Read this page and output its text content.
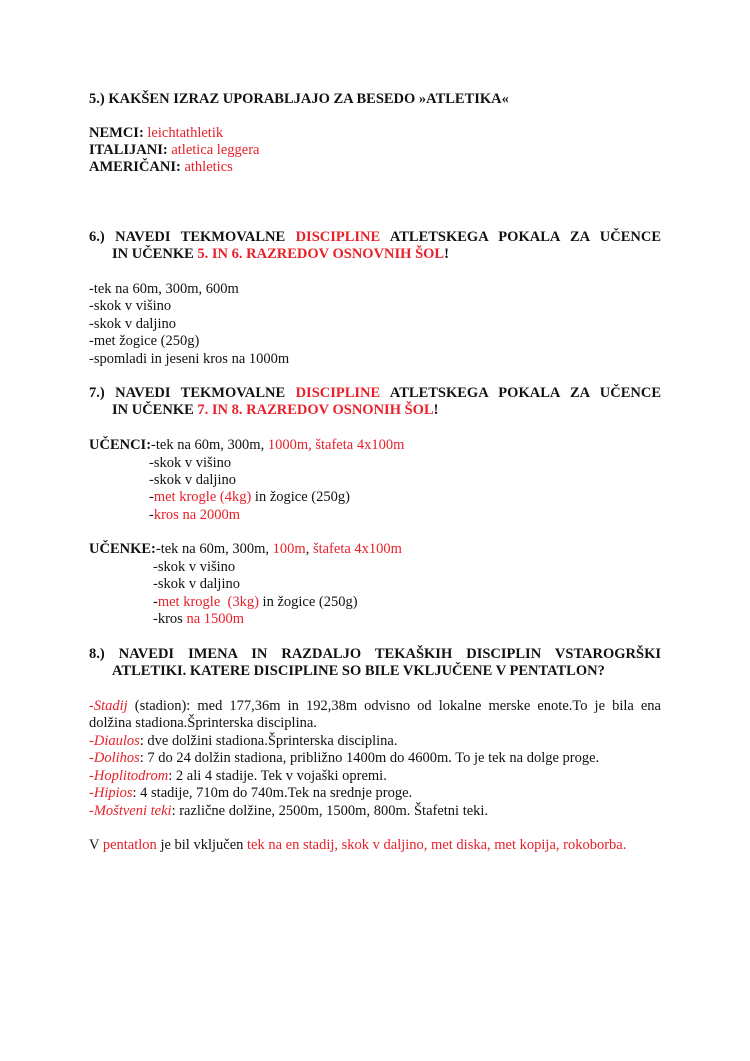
5.) KAKŠEN IZRAZ UPORABLJAJO ZA BESEDO »ATLETIKA«
NEMCI: leichtathletik
ITALIJANI: atletica leggera
AMERIČANI: athletics
6.) NAVEDI TEKMOVALNE DISCIPLINE ATLETSKEGA POKALA ZA UČENCE
IN UČENKE 5. IN 6. RAZREDOV OSNOVNIH ŠOL!
-tek na 60m, 300m, 600m
-skok v višino
-skok v daljino
-met žogice (250g)
-spomladi in jeseni kros na 1000m
7.) NAVEDI TEKMOVALNE DISCIPLINE ATLETSKEGA POKALA ZA UČENCE
IN UČENKE 7. IN 8. RAZREDOV OSNONIH ŠOL!
UČENCI:-tek na 60m, 300m, 1000m, štafeta 4x100m
-skok v višino
-skok v daljino
-met krogle (4kg) in žogice (250g)
-kros na 2000m
UČENKE:-tek na 60m, 300m, 100m, štafeta 4x100m
-skok v višino
-skok v daljino
-met krogle  (3kg) in žogice (250g)
-kros na 1500m
8.) NAVEDI IMENA IN RAZDALJO TEKAŠKIH DISCIPLIN VSTAROGRŠKI
ATLETIKI. KATERE DISCIPLINE SO BILE VKLJUČENE V PENTATLON?
-Stadij (stadion): med 177,36m in 192,38m odvisno od lokalne merske enote.To je bila ena
dolžina stadiona.Šprinterska disciplina.
-Diaulos: dve dolžini stadiona.Šprinterska disciplina.
-Dolihos: 7 do 24 dolžin stadiona, približno 1400m do 4600m. To je tek na dolge proge.
-Hoplitodrom: 2 ali 4 stadije. Tek v vojaški opremi.
-Hipios: 4 stadije, 710m do 740m.Tek na srednje proge.
-Moštveni teki: različne dolžine, 2500m, 1500m, 800m. Štafetni teki.
V pentatlon je bil vključen tek na en stadij, skok v daljino, met diska, met kopija, rokoborba.
